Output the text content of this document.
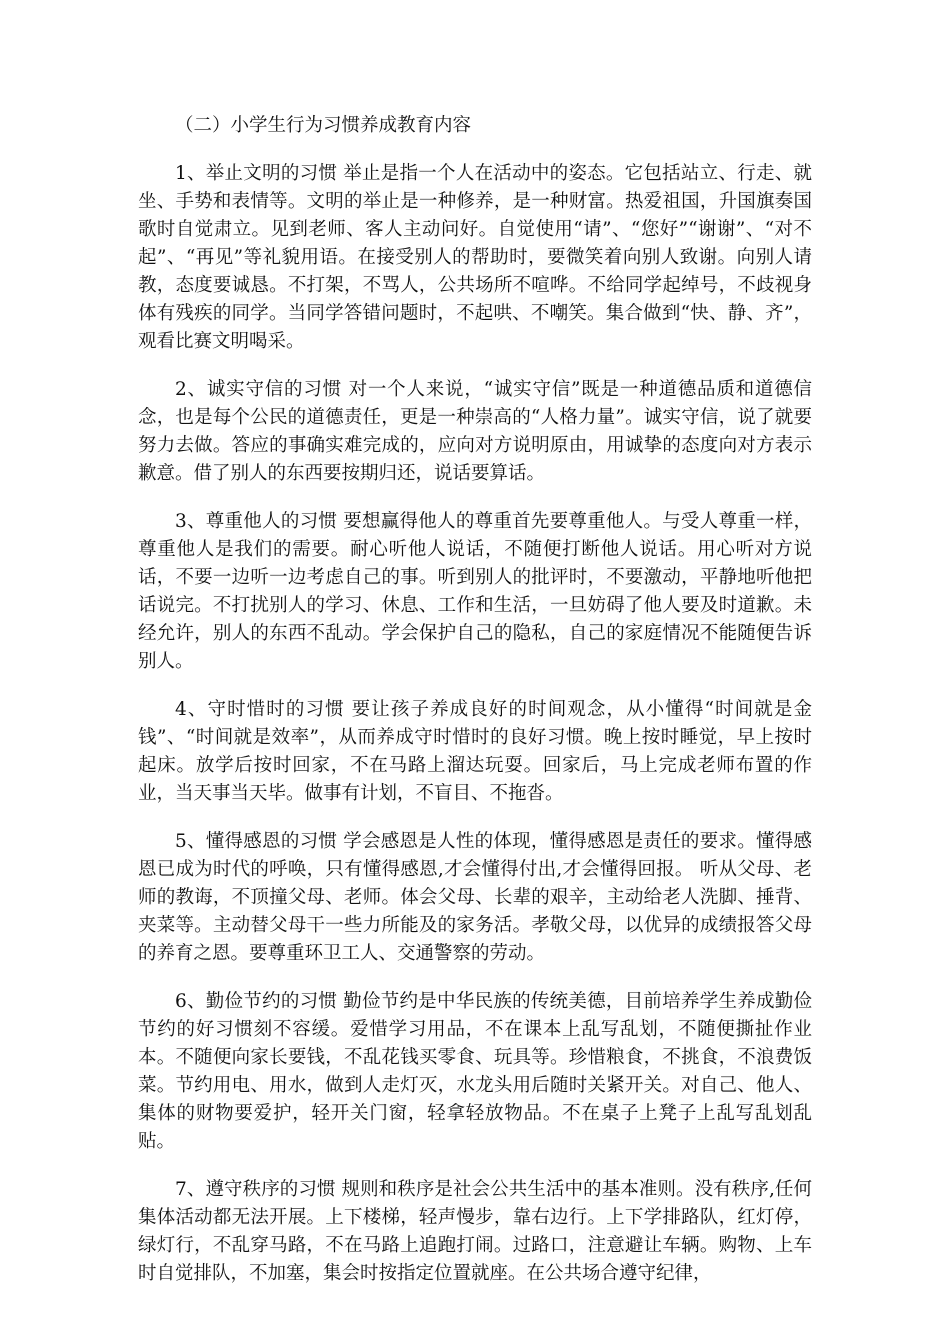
（二）小学生行为习惯养成教育内容

1、举止文明的习惯 举止是指一个人在活动中的姿态。它包括站立、行走、就坐、手势和表情等。文明的举止是一种修养，是一种财富。热爱祖国，升国旗奏国歌时自觉肃立。见到老师、客人主动问好。自觉使用“请”、“您好”“谢谢”、“对不起”、“再见”等礼貌用语。在接受别人的帮助时，要微笑着向别人致谢。向别人请教，态度要诚恳。不打架，不骂人，公共场所不喧哗。不给同学起绰号，不歧视身体有残疾的同学。当同学答错问题时，不起哄、不嘲笑。集合做到“快、静、齐”，观看比赛文明喝采。

2、诚实守信的习惯 对一个人来说，“诚实守信”既是一种道德品质和道德信念，也是每个公民的道德责任，更是一种崇高的“人格力量”。诚实守信，说了就要努力去做。答应的事确实难完成的，应向对方说明原由，用诚挚的态度向对方表示歉意。借了别人的东西要按期归还，说话要算话。

3、尊重他人的习惯 要想赢得他人的尊重首先要尊重他人。与受人尊重一样，尊重他人是我们的需要。耐心听他人说话，不随便打断他人说话。用心听对方说话，不要一边听一边考虑自己的事。听到别人的批评时，不要激动，平静地听他把话说完。不打扰别人的学习、休息、工作和生活，一旦妨碍了他人要及时道歉。未经允许，别人的东西不乱动。学会保护自己的隐私，自己的家庭情况不能随便告诉别人。

4、守时惜时的习惯 要让孩子养成良好的时间观念，从小懂得“时间就是金钱”、“时间就是效率”，从而养成守时惜时的良好习惯。晚上按时睡觉，早上按时起床。放学后按时回家，不在马路上溜达玩耍。回家后，马上完成老师布置的作业，当天事当天毕。做事有计划，不盲目、不拖沓。

5、懂得感恩的习惯 学会感恩是人性的体现，懂得感恩是责任的要求。懂得感恩已成为时代的呼唤，只有懂得感恩,才会懂得付出,才会懂得回报。 听从父母、老师的教诲，不顶撞父母、老师。体会父母、长辈的艰辛，主动给老人洗脚、捶背、夹菜等。主动替父母干一些力所能及的家务活。孝敬父母，以优异的成绩报答父母的养育之恩。要尊重环卫工人、交通警察的劳动。

6、勤俭节约的习惯 勤俭节约是中华民族的传统美德，目前培养学生养成勤俭节约的好习惯刻不容缓。爱惜学习用品，不在课本上乱写乱划，不随便撕扯作业本。不随便向家长要钱，不乱花钱买零食、玩具等。珍惜粮食，不挑食，不浪费饭菜。节约用电、用水，做到人走灯灭，水龙头用后随时关紧开关。对自己、他人、集体的财物要爱护，轻开关门窗，轻拿轻放物品。不在桌子上凳子上乱写乱划乱贴。

7、遵守秩序的习惯 规则和秩序是社会公共生活中的基本准则。没有秩序,任何集体活动都无法开展。上下楼梯，轻声慢步，靠右边行。上下学排路队，红灯停，绿灯行，不乱穿马路，不在马路上追跑打闹。过路口，注意避让车辆。购物、上车时自觉排队，不加塞，集会时按指定位置就座。在公共场合遵守纪律，
